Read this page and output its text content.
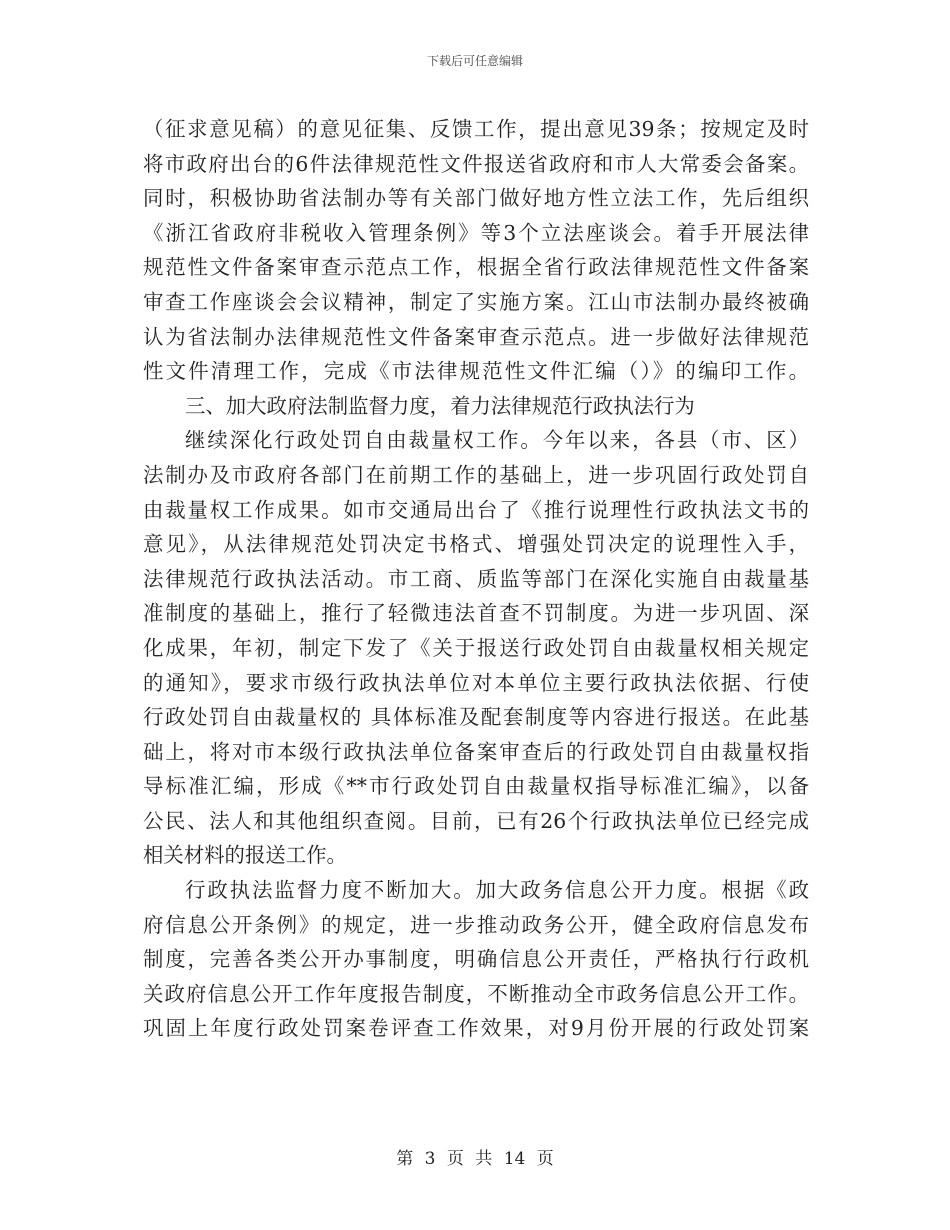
下载后可任意编辑
（征求意见稿）的意见征集、反馈工作，提出意见39条；按规定及时
将市政府出台的6件法律规范性文件报送省政府和市人大常委会备案。
同时，积极协助省法制办等有关部门做好地方性立法工作，先后组织
《浙江省政府非税收入管理条例》等3个立法座谈会。着手开展法律
规范性文件备案审查示范点工作，根据全省行政法律规范性文件备案
审查工作座谈会会议精神，制定了实施方案。江山市法制办最终被确
认为省法制办法律规范性文件备案审查示范点。进一步做好法律规范
性文件清理工作，完成《市法律规范性文件汇编（）》的编印工作。
三、加大政府法制监督力度，着力法律规范行政执法行为
继续深化行政处罚自由裁量权工作。今年以来，各县（市、区）
法制办及市政府各部门在前期工作的基础上，进一步巩固行政处罚自
由裁量权工作成果。如市交通局出台了《推行说理性行政执法文书的
意见》，从法律规范处罚决定书格式、增强处罚决定的说理性入手，
法律规范行政执法活动。市工商、质监等部门在深化实施自由裁量基
准制度的基础上，推行了轻微违法首查不罚制度。为进一步巩固、深
化成果，年初，制定下发了《关于报送行政处罚自由裁量权相关规定
的通知》，要求市级行政执法单位对本单位主要行政执法依据、行使
行政处罚自由裁量权的 具体标准及配套制度等内容进行报送。在此基
础上，将对市本级行政执法单位备案审查后的行政处罚自由裁量权指
导标准汇编，形成《**市行政处罚自由裁量权指导标准汇编》，以备
公民、法人和其他组织查阅。目前，已有26个行政执法单位已经完成
相关材料的报送工作。
行政执法监督力度不断加大。加大政务信息公开力度。根据《政
府信息公开条例》的规定，进一步推动政务公开，健全政府信息发布
制度，完善各类公开办事制度，明确信息公开责任，严格执行行政机
关政府信息公开工作年度报告制度，不断推动全市政务信息公开工作。
巩固上年度行政处罚案卷评查工作效果，对9月份开展的行政处罚案
第 3 页 共 14 页
